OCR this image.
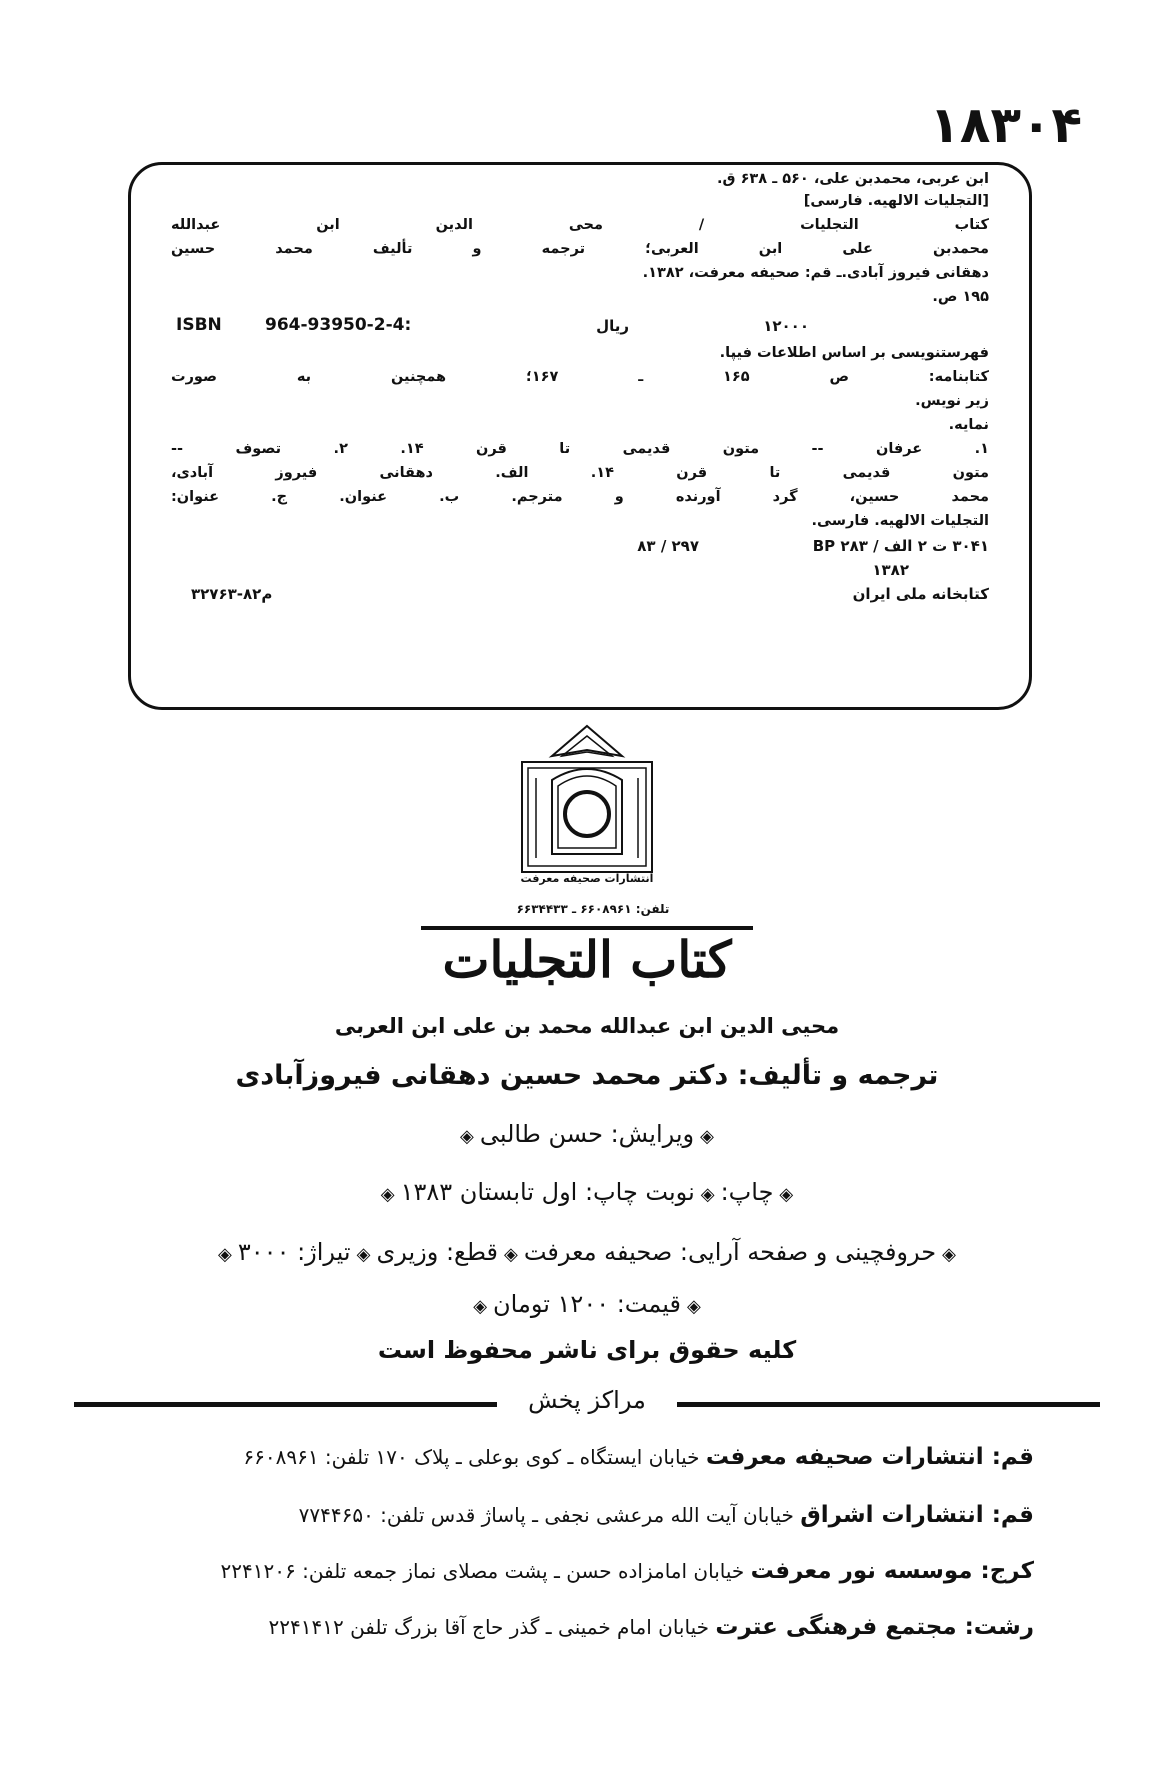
۱۸۳۰۴
ابن عربی، محمدبن علی، ۵۶۰ ـ ۶۳۸ ق.
[التجلیات الالهیه. فارسی]
کتاب التجلیات / محی الدین ابن عبدالله
محمدبن علی ابن العربی؛ ترجمه و تألیف محمد حسین
دهقانی فیروز آبادی.ـ قم: صحیفه معرفت، ۱۳۸۲.
۱۹۵ ص.
۱۲۰۰۰
ریال
964-93950-2-4:
ISBN
فهرستنویسی بر اساس اطلاعات فیپا.
کتابنامه: ص ۱۶۵ ـ ۱۶۷؛ همچنین به صورت
زیر نویس.
نمایه.
۱. عرفان -- متون قدیمی تا قرن ۱۴. ۲. تصوف --
متون قدیمی تا قرن ۱۴. الف. دهقانی فیروز آبادی،
محمد حسین، گرد آورنده و مترجم. ب. عنوان. ج. عنوان:
التجلیات الالهیه. فارسی.
۳۰۴۱ ت ۲ الف / ۲۸۳ BP
۲۹۷ / ۸۳
۱۳۸۲
کتابخانه ملی ایران
م۸۲-۳۲۷۶۳
انتشارات صحیفه معرفت
تلفن: ۶۶۰۸۹۶۱ ـ ۶۶۳۴۴۳۳
کتاب التجلیات
محیی الدین ابن عبدالله محمد بن علی ابن العربی
ترجمه و تألیف: دکتر محمد حسین دهقانی فیروزآبادی
◈ویرایش: حسن طالبی◈
◈چاپ:◈نوبت چاپ: اول تابستان ۱۳۸۳◈
◈حروفچینی و صفحه آرایی: صحیفه معرفت◈قطع: وزیری◈تیراژ: ۳۰۰۰◈
◈قیمت: ۱۲۰۰ تومان◈
کلیه حقوق برای ناشر محفوظ است
مراکز پخش
قم: انتشارات صحیفه معرفت خیابان ایستگاه ـ کوی بوعلی ـ پلاک ۱۷۰ تلفن: ۶۶۰۸۹۶۱
قم: انتشارات اشراق خیابان آیت الله مرعشی نجفی ـ پاساژ قدس تلفن: ۷۷۴۴۶۵۰
کرج: موسسه نور معرفت خیابان امامزاده حسن ـ پشت مصلای نماز جمعه تلفن: ۲۲۴۱۲۰۶
رشت: مجتمع فرهنگی عترت خیابان امام خمینی ـ گذر حاج آقا بزرگ تلفن ۲۲۴۱۴۱۲
